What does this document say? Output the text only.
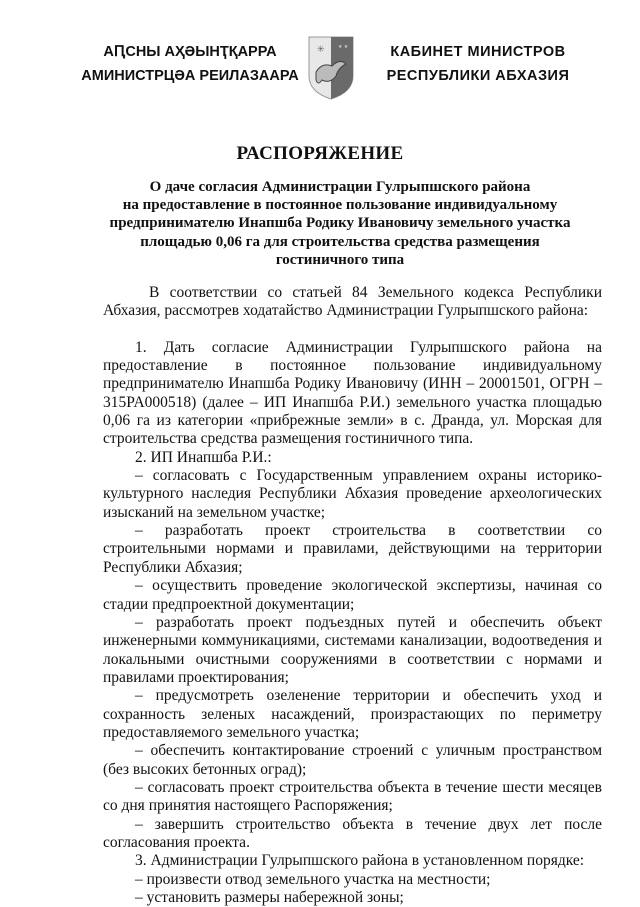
АԤСНЫ АҲӘЫНҬҚАРРА
АМИНИСТРЦӘА РЕИЛАЗААРА
✳	★ ★	КАБИНЕТ МИНИСТРОВ
РЕСПУБЛИКИ АБХАЗИЯ
РАСПОРЯЖЕНИЕ
О даче согласия Администрации Гулрыпшского района
на предоставление в постоянное пользование индивидуальному
предпринимателю Инапшба Родику Ивановичу земельного участка
площадью 0,06 га для строительства средства размещения
гостиничного типа
В соответствии со статьей 84 Земельного кодекса Республики
Абхазия, рассмотрев ходатайство Администрации Гулрыпшского района:
1. Дать согласие Администрации Гулрыпшского района на
предоставление в постоянное пользование индивидуальному
предпринимателю Инапшба Родику Ивановичу (ИНН – 20001501, ОГРН –
315PA000518) (далее – ИП Инапшба Р.И.) земельного участка площадью
0,06 га из категории «прибрежные земли» в с. Дранда, ул. Морская для
строительства средства размещения гостиничного типа.
2. ИП Инапшба Р.И.:
– согласовать с Государственным управлением охраны историко-
культурного наследия Республики Абхазия проведение археологических
изысканий на земельном участке;
– разработать проект строительства в соответствии со
строительными нормами и правилами, действующими на территории
Республики Абхазия;
– осуществить проведение экологической экспертизы, начиная со
стадии предпроектной документации;
– разработать проект подъездных путей и обеспечить объект
инженерными коммуникациями, системами канализации, водоотведения и
локальными очистными сооружениями в соответствии с нормами и
правилами проектирования;
– предусмотреть озеленение территории и обеспечить уход и
сохранность зеленых насаждений, произрастающих по периметру
предоставляемого земельного участка;
– обеспечить контактирование строений с уличным пространством
(без высоких бетонных оград);
– согласовать проект строительства объекта в течение шести месяцев
со дня принятия настоящего Распоряжения;
– завершить строительство объекта в течение двух лет после
согласования проекта.
3. Администрации Гулрыпшского района в установленном порядке:
– произвести отвод земельного участка на местности;
– установить размеры набережной зоны;
